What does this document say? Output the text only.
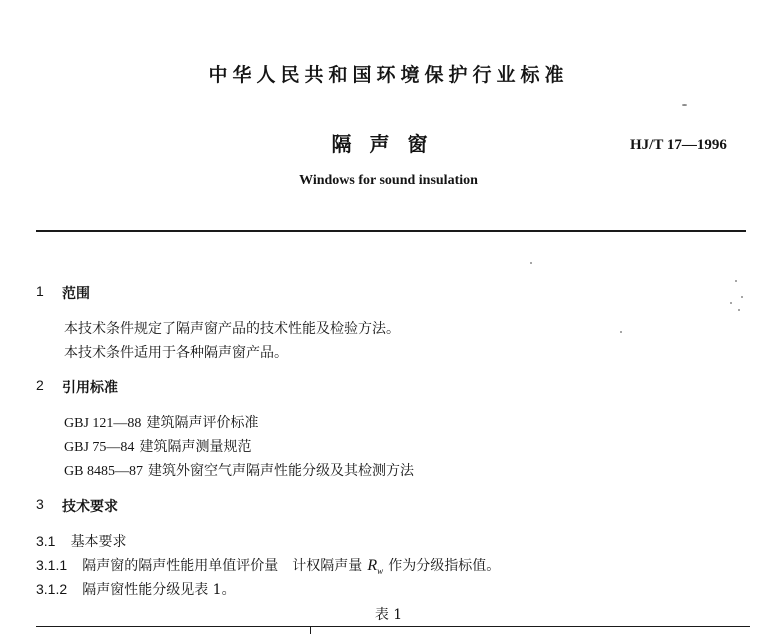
中华人民共和国环境保护行业标准
隔声窗	HJ/T 17—1996
Windows for sound insulation
1 范围
本技术条件规定了隔声窗产品的技术性能及检验方法。
本技术条件适用于各种隔声窗产品。
2 引用标准
GBJ 121—88 建筑隔声评价标准
GBJ 75—84 建筑隔声测量规范
GB 8485—87 建筑外窗空气声隔声性能分级及其检测方法
3 技术要求
3.1 基本要求
3.1.1 隔声窗的隔声性能用单值评价量　计权隔声量 $R_w$ 作为分级指标值。
3.1.2 隔声窗性能分级见表 1。
表 1
